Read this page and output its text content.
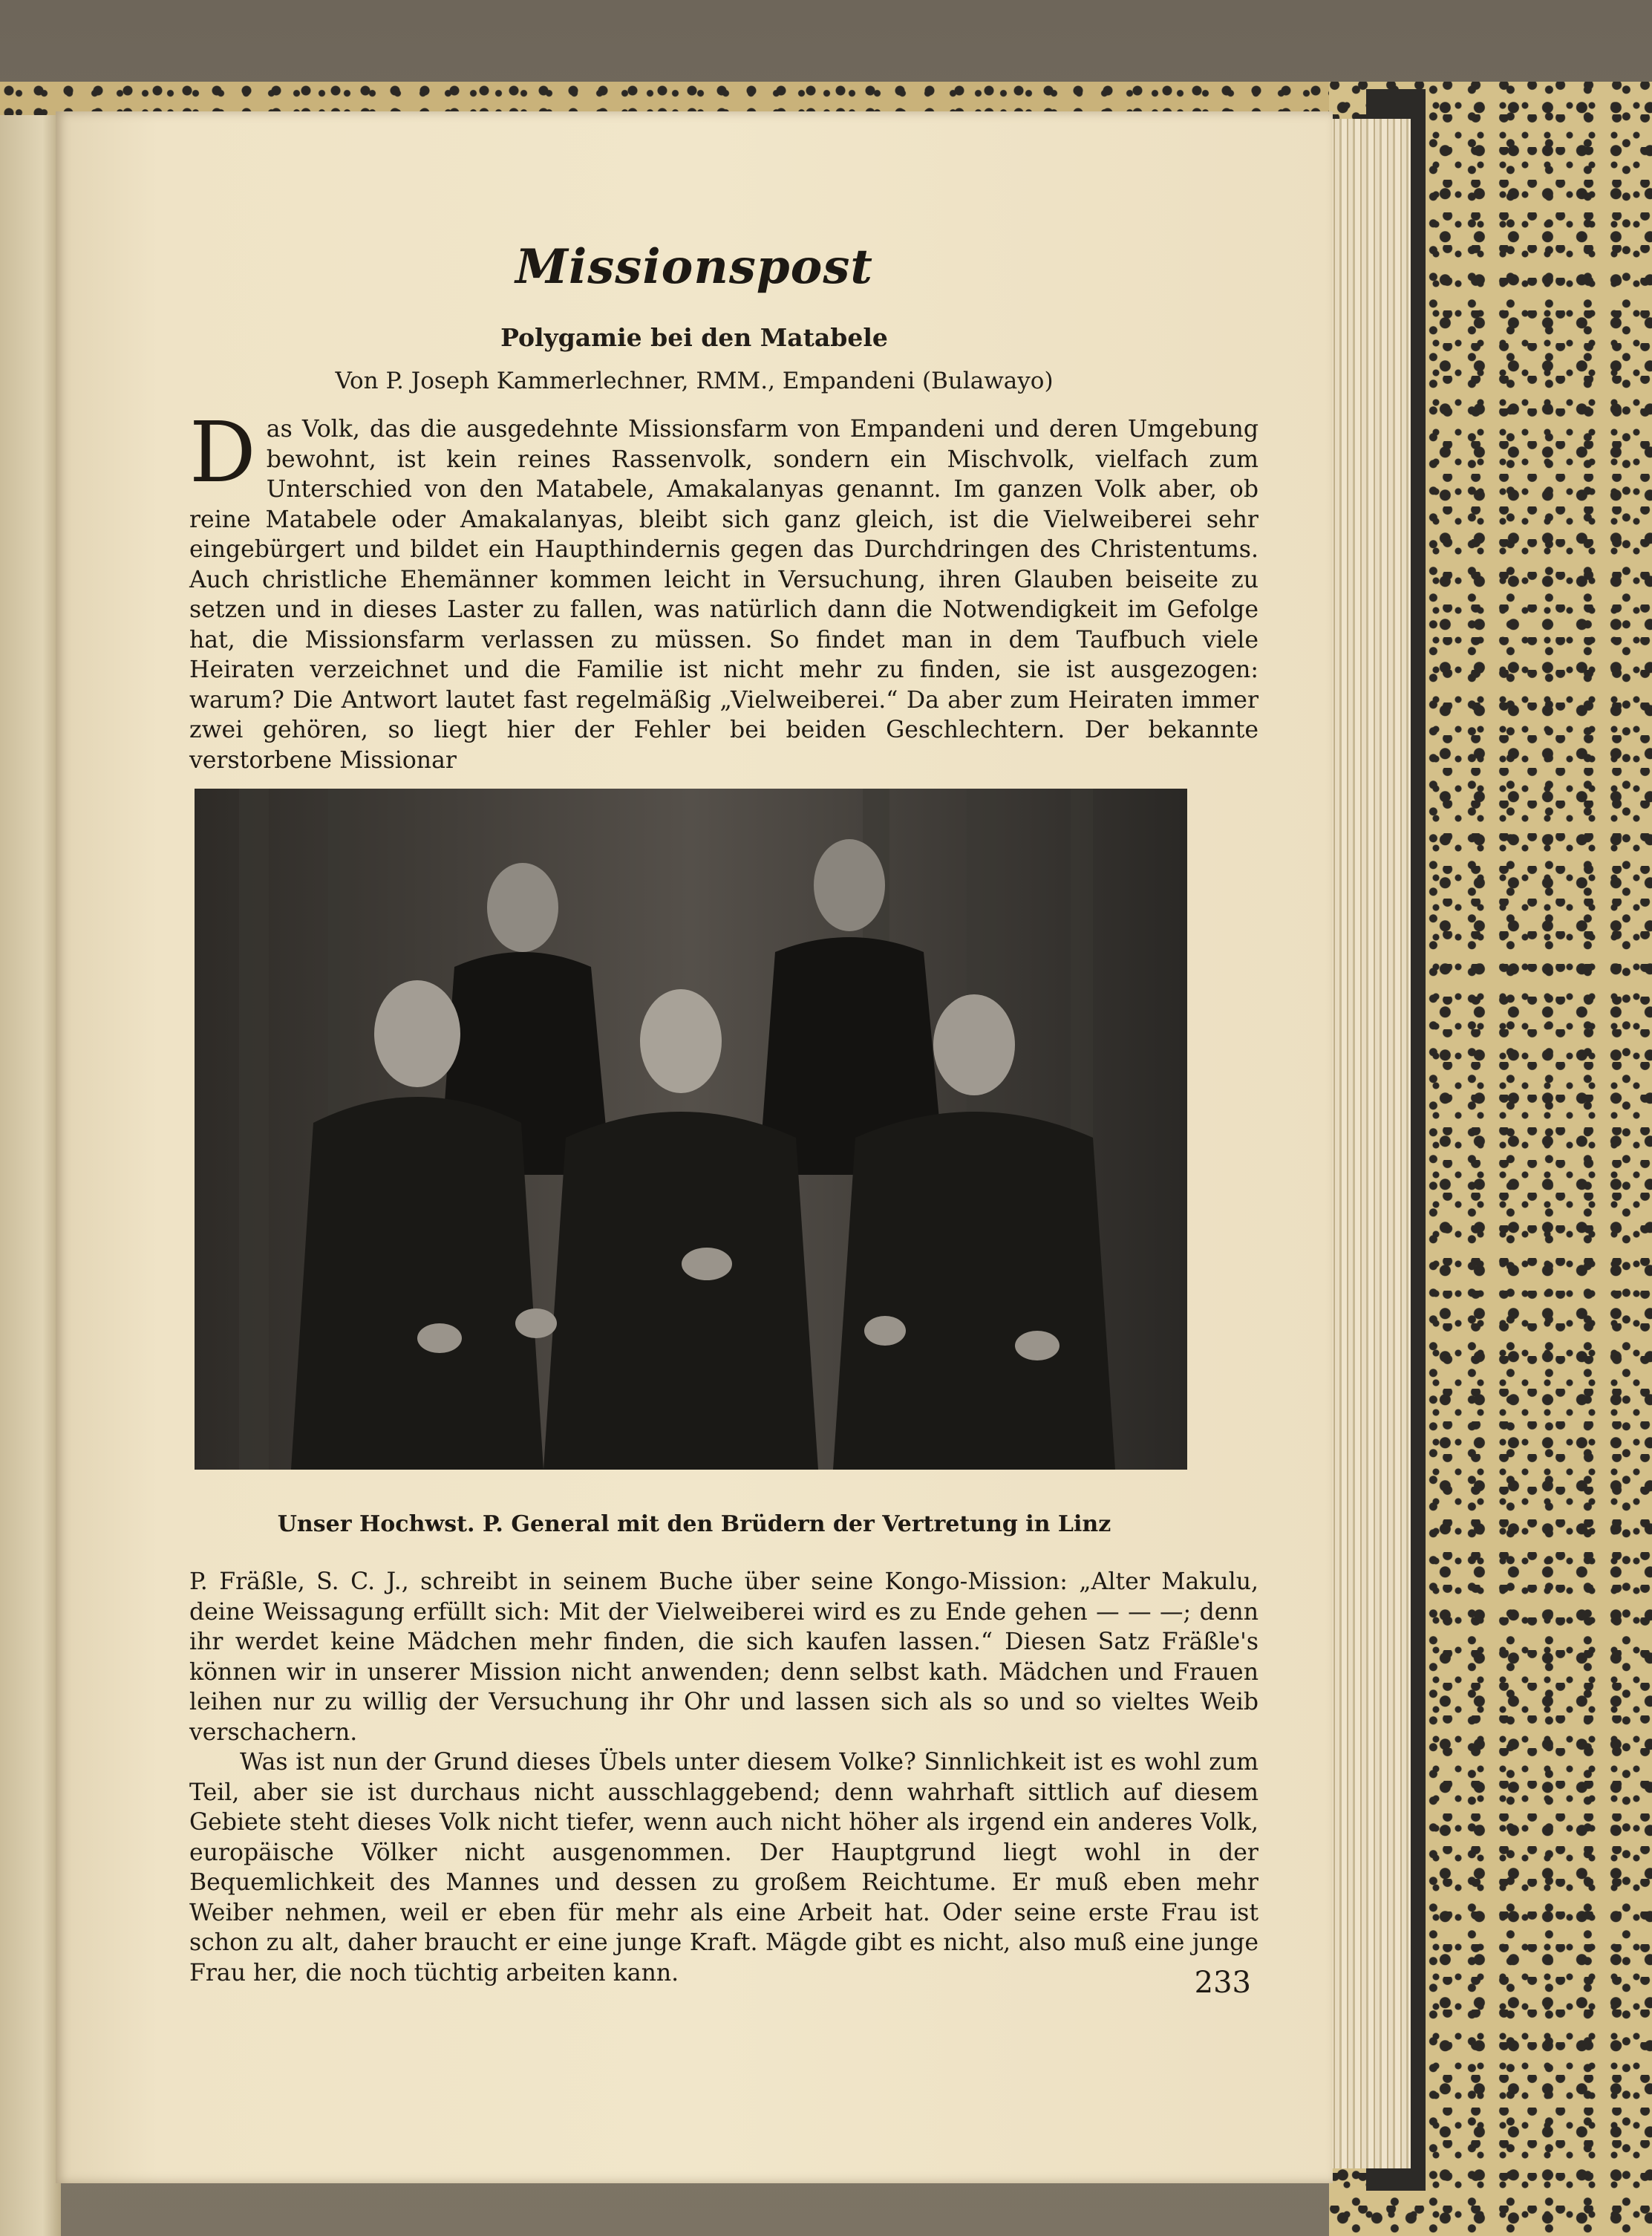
Missionspost
Polygamie bei den Matabele
Von P. Joseph Kammerlechner, RMM., Empandeni (Bulawayo)
D as Volk, das die ausgedehnte Missionsfarm von Empandeni und deren Umgebung bewohnt, ist kein reines Rassenvolk, sondern ein Mischvolk, vielfach zum Unterschied von den Matabele, Amakalanyas genannt. Im ganzen Volk aber, ob reine Matabele oder Amakalanyas, bleibt sich ganz gleich, ist die Vielweiberei sehr eingebürgert und bildet ein Haupthindernis gegen das Durchdringen des Christentums. Auch christliche Ehemänner kommen leicht in Versuchung, ihren Glauben beiseite zu setzen und in dieses Laster zu fallen, was natürlich dann die Notwendigkeit im Gefolge hat, die Missionsfarm verlassen zu müssen. So findet man in dem Taufbuch viele Heiraten verzeichnet und die Familie ist nicht mehr zu finden, sie ist ausgezogen: warum? Die Antwort lautet fast regelmäßig „Vielweiberei.“ Da aber zum Heiraten immer zwei gehören, so liegt hier der Fehler bei beiden Geschlechtern. Der bekannte verstorbene Missionar

Unser Hochwst. P. General mit den Brüdern der Vertretung in Linz

P. Fräßle, S. C. J., schreibt in seinem Buche über seine Kongo-Mission: „Alter Makulu, deine Weissagung erfüllt sich: Mit der Vielweiberei wird es zu Ende gehen — — —; denn ihr werdet keine Mädchen mehr finden, die sich kaufen lassen.“ Diesen Satz Fräßle's können wir in unserer Mission nicht anwenden; denn selbst kath. Mädchen und Frauen leihen nur zu willig der Versuchung ihr Ohr und lassen sich als so und so vieltes Weib verschachern.

Was ist nun der Grund dieses Übels unter diesem Volke? Sinnlichkeit ist es wohl zum Teil, aber sie ist durchaus nicht ausschlaggebend; denn wahrhaft sittlich auf diesem Gebiete steht dieses Volk nicht tiefer, wenn auch nicht höher als irgend ein anderes Volk, europäische Völker nicht ausgenommen. Der Hauptgrund liegt wohl in der Bequemlichkeit des Mannes und dessen zu großem Reichtume. Er muß eben mehr Weiber nehmen, weil er eben für mehr als eine Arbeit hat. Oder seine erste Frau ist schon zu alt, daher braucht er eine junge Kraft. Mägde gibt es nicht, also muß eine junge Frau her, die noch tüchtig arbeiten kann.	233
